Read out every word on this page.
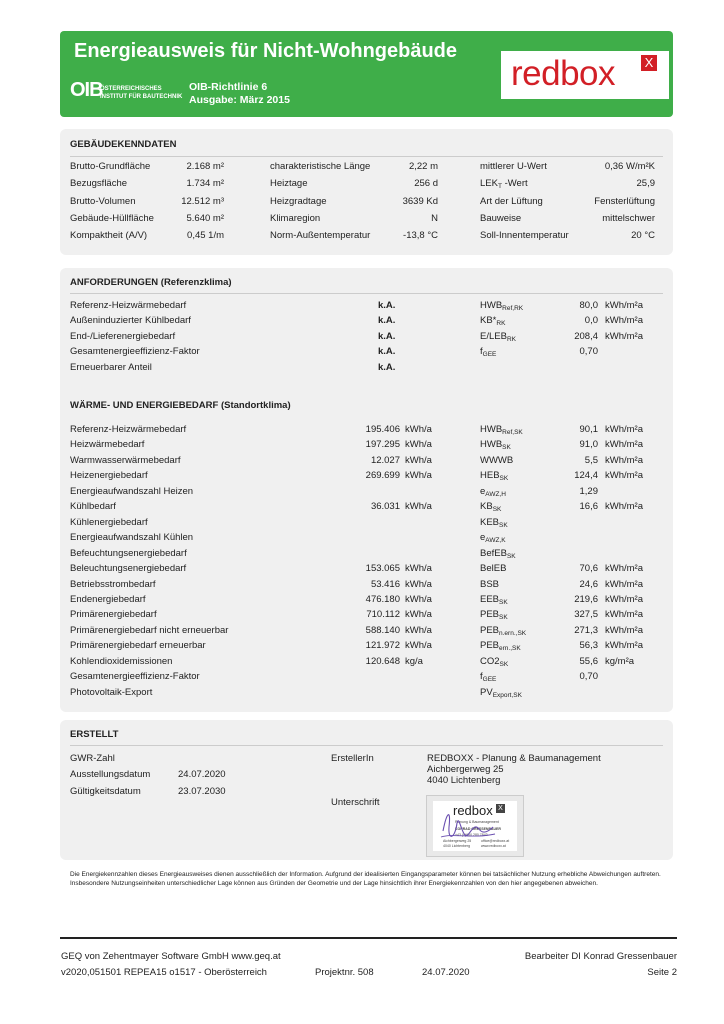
Energieausweis für Nicht-Wohngebäude
OIB
ÖSTERREICHISCHES
INSTITUT FÜR BAUTECHNIK
OIB-Richtlinie 6
Ausgabe: März 2015
redbox X
GEBÄUDEKENNDATEN
Brutto-Grundfläche	2.168 m²	charakteristische Länge	2,22 m	mittlerer U-Wert	0,36 W/m²K
Bezugsfläche	1.734 m²	Heiztage	256 d	$LEK_T$ -Wert	25,9
Brutto-Volumen	12.512 m³	Heizgradtage	3639 Kd	Art der Lüftung	Fensterlüftung
Gebäude-Hüllfläche	5.640 m²	Klimaregion	N	Bauweise	mittelschwer
Kompaktheit (A/V)	0,45 1/m	Norm-Außentemperatur	-13,8 °C	Soll-Innentemperatur	20 °C
ANFORDERUNGEN (Referenzklima)
WÄRME- UND ENERGIEBEDARF (Standortklima)
Referenz-Heizwärmebedarf	k.A.	$HWB_{Ref,RK}$	80,0 kWh/m²a
Außeninduzierter Kühlbedarf	k.A.	$KB*_{RK}$	0,0 kWh/m²a
End-/Lieferenergiebedarf	k.A.	$E/LEB_{RK}$	208,4 kWh/m²a
Gesamtenergieeffizienz-Faktor	k.A.	$f_{GEE}$	0,70
Erneuerbarer Anteil	k.A.
Referenz-Heizwärmebedarf	195.406 kWh/a	$HWB_{Ref,SK}$	90,1 kWh/m²a
Heizwärmebedarf	197.295 kWh/a	$HWB_{SK}$	91,0 kWh/m²a
Warmwasserwärmebedarf	12.027 kWh/a	WWWB	5,5 kWh/m²a
Heizenergiebedarf	269.699 kWh/a	$HEB_{SK}$	124,4 kWh/m²a
Energieaufwandszahl Heizen	$e_{AWZ,H}$	1,29
Kühlbedarf	36.031 kWh/a	$KB_{SK}$	16,6 kWh/m²a
Kühlenergiebedarf	$KEB_{SK}$
Energieaufwandszahl Kühlen	$e_{AWZ,K}$
Befeuchtungsenergiebedarf	BefEB$_{SK}$
Beleuchtungsenergiebedarf	153.065 kWh/a	BelEB	70,6 kWh/m²a
Betriebsstrombedarf	53.416 kWh/a	BSB	24,6 kWh/m²a
Endenergiebedarf	476.180 kWh/a	$EEB_{SK}$	219,6 kWh/m²a
Primärenergiebedarf	710.112 kWh/a	$PEB_{SK}$	327,5 kWh/m²a
Primärenergiebedarf nicht erneuerbar	588.140 kWh/a	$PEB_{n.ern.,SK}$	271,3 kWh/m²a
Primärenergiebedarf erneuerbar	121.972 kWh/a	$PEB_{ern.,SK}$	56,3 kWh/m²a
Kohlendioxidemissionen	120.648 kg/a	$CO2_{SK}$	55,6 kg/m²a
Gesamtenergieeffizienz-Faktor	$f_{GEE}$	0,70
Photovoltaik-Export	$PV_{Export,SK}$
ERSTELLT
GWR-Zahl
Ausstellungsdatum	24.07.2020
Gültigkeitsdatum	23.07.2030
ErstellerIn	REDBOXX - Planung & Baumanagement
Aichbergerweg 25
4040 Lichtenberg
Unterschrift
redbox X
Planung & Baumanagement
KONRAD GRESSENBAUER
+43 (0)660 280 7843
Aichbergerweg 25	office@redboxx.at
4040 Lichtenberg	www.redboxx.at
Die Energiekennzahlen dieses Energieausweises dienen ausschließlich der Information. Aufgrund der idealisierten Eingangsparameter können bei tatsächlicher Nutzung erhebliche Abweichungen auftreten. Insbesondere Nutzungseinheiten unterschiedlicher Lage können aus Gründen der Geometrie und der Lage hinsichtlich ihrer Energiekennzahlen von den hier angegebenen abweichen.
GEQ von Zehentmayer Software GmbH www.geq.at	Bearbeiter DI Konrad Gressenbauer
v2020,051501 REPEA15 o1517 - Oberösterreich	Projektnr. 508	24.07.2020	Seite 2
